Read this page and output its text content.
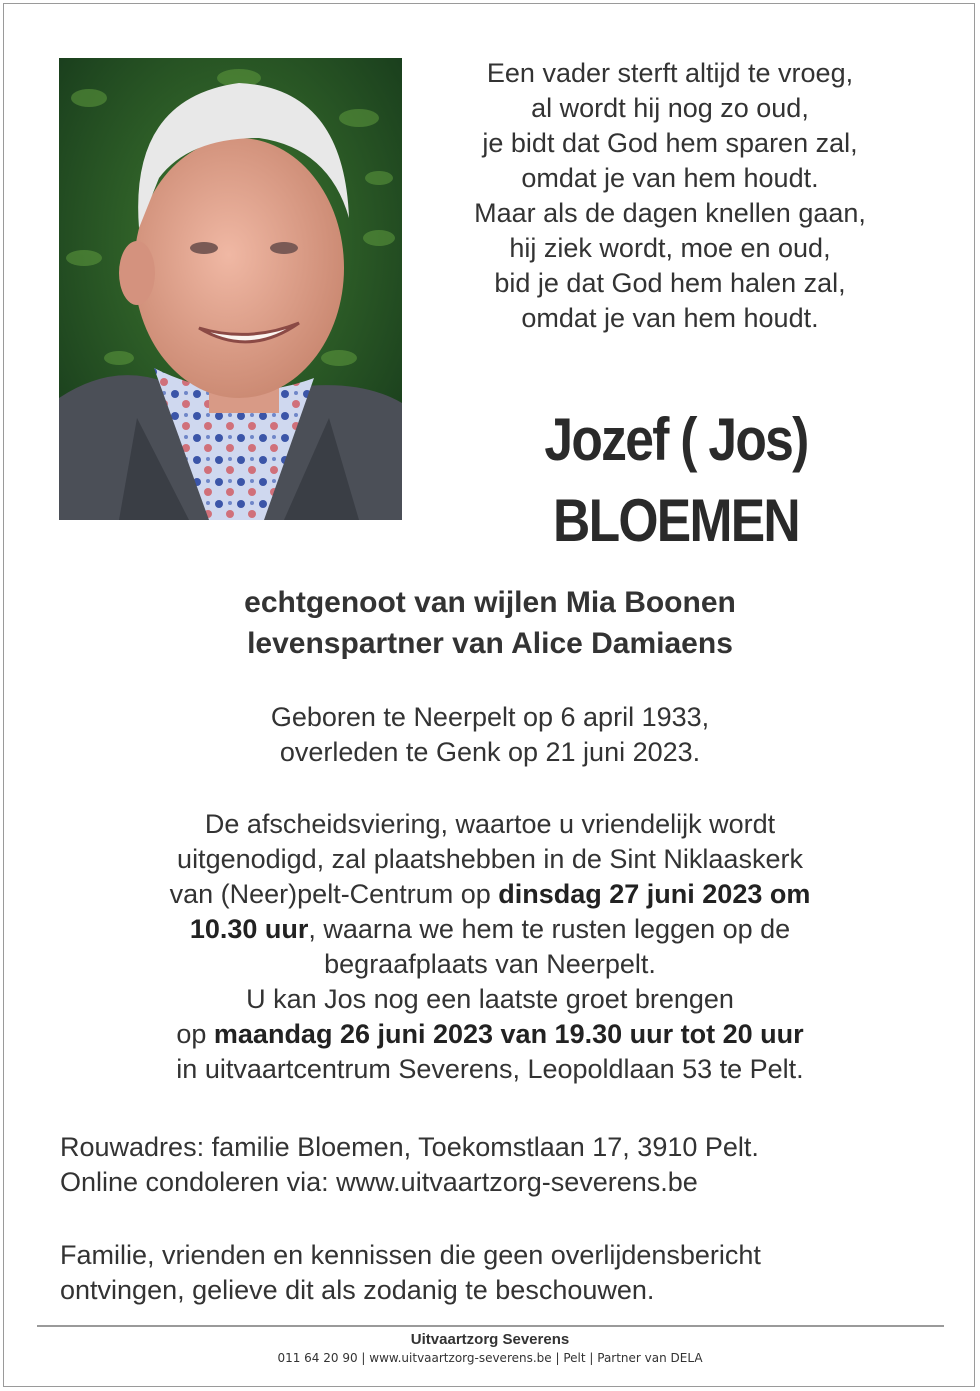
Een vader sterft altijd te vroeg,
al wordt hij nog zo oud,
je bidt dat God hem sparen zal,
omdat je van hem houdt.
Maar als de dagen knellen gaan,
hij ziek wordt, moe en oud,
bid je dat God hem halen zal,
omdat je van hem houdt.
Jozef ( Jos)
BLOEMEN
echtgenoot van wijlen Mia Boonen
levenspartner van Alice Damiaens
Geboren te Neerpelt op 6 april 1933,
overleden te Genk op 21 juni 2023.
De afscheidsviering, waartoe u vriendelijk wordt
uitgenodigd, zal plaatshebben in de Sint Niklaaskerk
van (Neer)pelt-Centrum op dinsdag 27 juni 2023 om
10.30 uur, waarna we hem te rusten leggen op de
begraafplaats van Neerpelt.
U kan Jos nog een laatste groet brengen
op maandag 26 juni 2023 van 19.30 uur tot 20 uur
in uitvaartcentrum Severens, Leopoldlaan 53 te Pelt.
Rouwadres: familie Bloemen, Toekomstlaan 17, 3910 Pelt.
Online condoleren via: www.uitvaartzorg-severens.be
Familie, vrienden en kennissen die geen overlijdensbericht
ontvingen, gelieve dit als zodanig te beschouwen.
Uitvaartzorg Severens
011 64 20 90 | www.uitvaartzorg-severens.be | Pelt | Partner van DELA
